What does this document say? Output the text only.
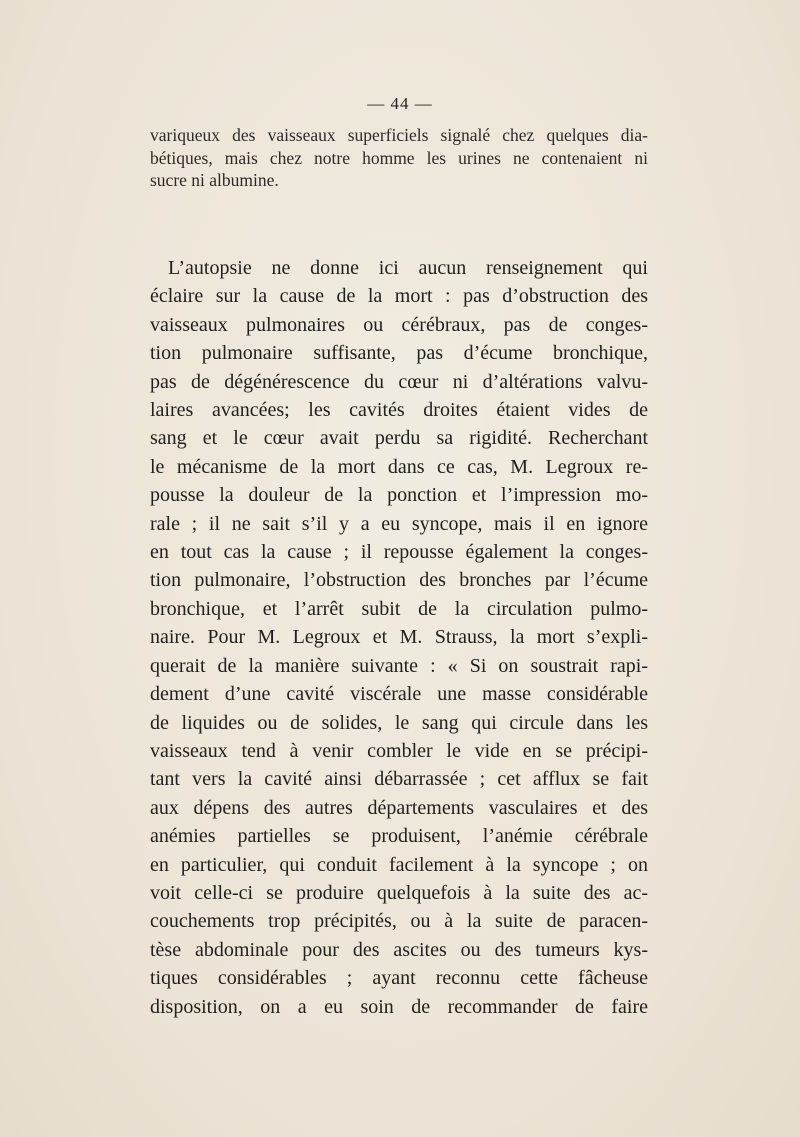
— 44 —
variqueux des vaisseaux superficiels signalé chez quelques dia-
bétiques, mais chez notre homme les urines ne contenaient ni
sucre ni albumine.
L’autopsie ne donne ici aucun renseignement qui
éclaire sur la cause de la mort : pas d’obstruction des
vaisseaux pulmonaires ou cérébraux, pas de conges-
tion pulmonaire suffisante, pas d’écume bronchique,
pas de dégénérescence du cœur ni d’altérations valvu-
laires avancées; les cavités droites étaient vides de
sang et le cœur avait perdu sa rigidité. Recherchant
le mécanisme de la mort dans ce cas, M. Legroux re-
pousse la douleur de la ponction et l’impression mo-
rale ; il ne sait s’il y a eu syncope, mais il en ignore
en tout cas la cause ; il repousse également la conges-
tion pulmonaire, l’obstruction des bronches par l’écume
bronchique, et l’arrêt subit de la circulation pulmo-
naire. Pour M. Legroux et M. Strauss, la mort s’expli-
querait de la manière suivante : « Si on soustrait rapi-
dement d’une cavité viscérale une masse considérable
de liquides ou de solides, le sang qui circule dans les
vaisseaux tend à venir combler le vide en se précipi-
tant vers la cavité ainsi débarrassée ; cet afflux se fait
aux dépens des autres départements vasculaires et des
anémies partielles se produisent, l’anémie cérébrale
en particulier, qui conduit facilement à la syncope ; on
voit celle-ci se produire quelquefois à la suite des ac-
couchements trop précipités, ou à la suite de paracen-
tèse abdominale pour des ascites ou des tumeurs kys-
tiques considérables ; ayant reconnu cette fâcheuse
disposition, on a eu soin de recommander de faire
